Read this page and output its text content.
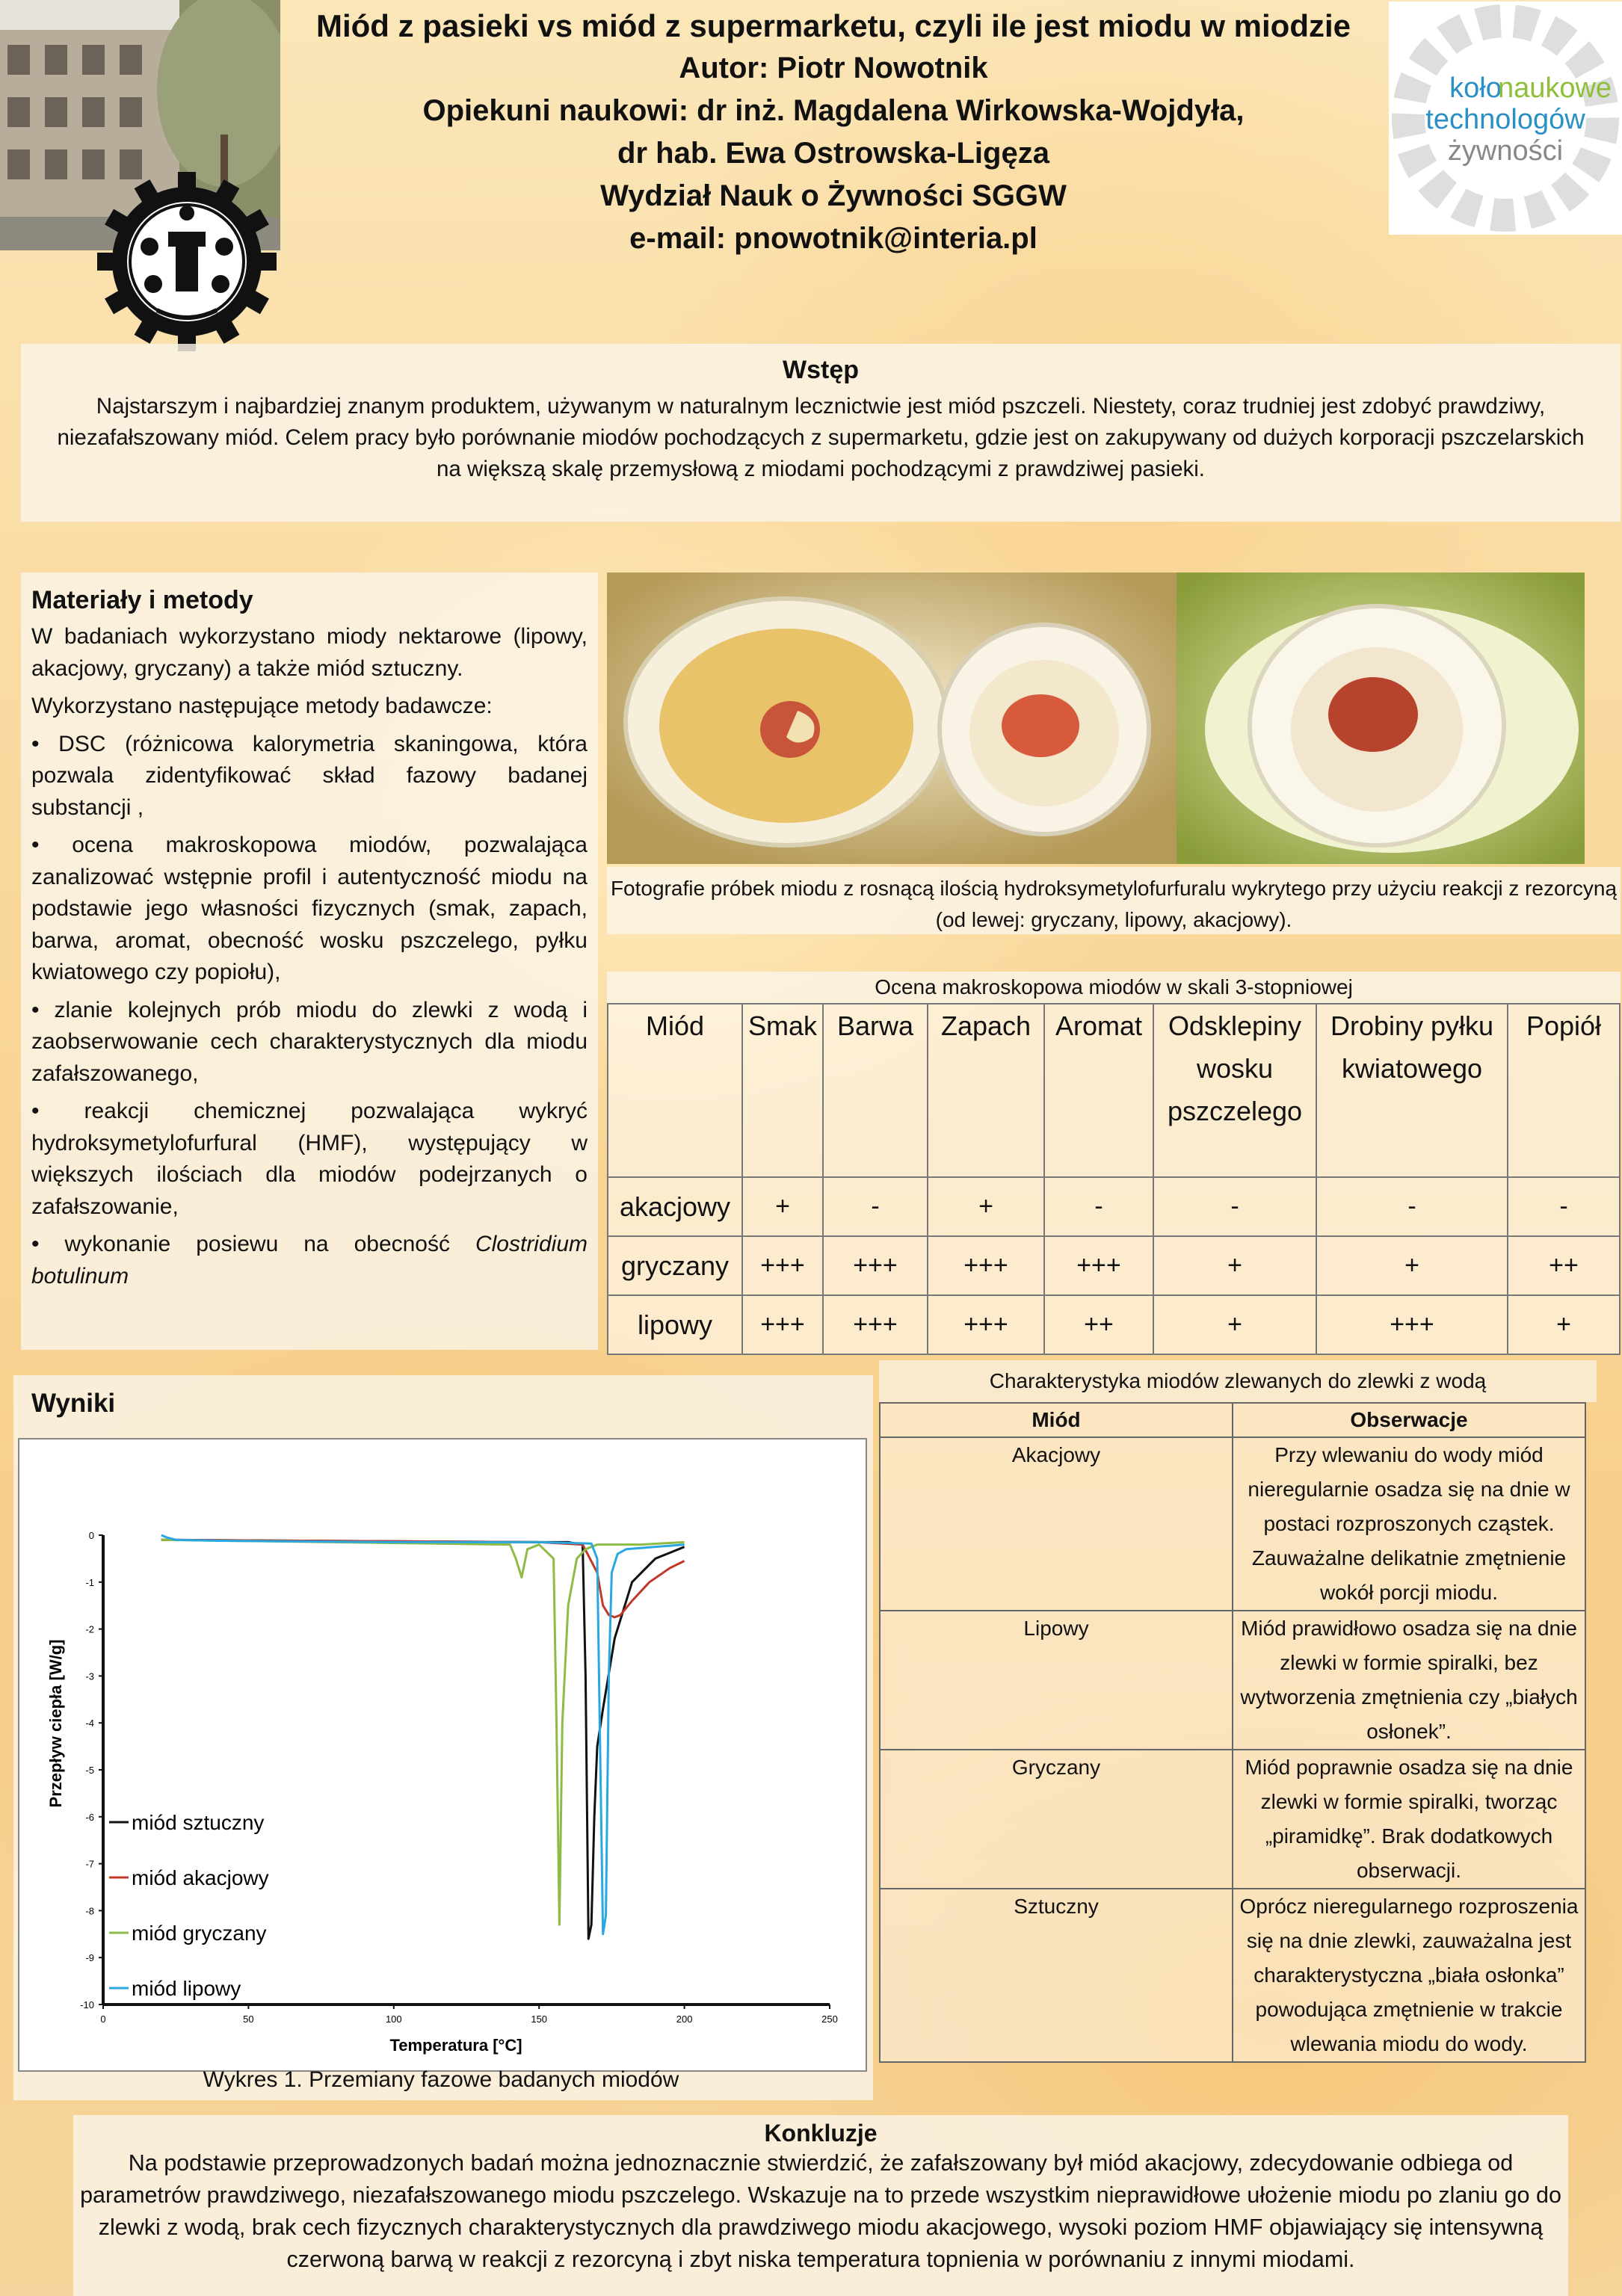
Miód z pasieki vs miód z supermarketu, czyli ile jest miodu w miodzie
Autor: Piotr Nowotnik
Opiekuni naukowi: dr inż. Magdalena Wirkowska-Wojdyła,
dr hab. Ewa Ostrowska-Ligęza
Wydział Nauk o Żywności SGGW
e-mail: pnowotnik@interia.pl
koło
naukowe
technologów
żywności
Wstęp

Najstarszym i najbardziej znanym produktem, używanym w naturalnym lecznictwie jest miód pszczeli. Niestety, coraz trudniej jest zdobyć prawdziwy, niezafałszowany miód. Celem pracy było porównanie miodów pochodzących z supermarketu, gdzie jest on zakupywany od dużych korporacji pszczelarskich na większą skalę przemysłową z miodami pochodzącymi z prawdziwej pasieki.

Materiały i metody

W badaniach wykorzystano miody nektarowe (lipowy, akacjowy, gryczany) a także miód sztuczny.

Wykorzystano następujące metody badawcze:

• DSC (różnicowa kalorymetria skaningowa, która pozwala zidentyfikować skład fazowy badanej substancji ,

• ocena makroskopowa miodów, pozwalająca zanalizować wstępnie profil i autentyczność miodu na podstawie jego własności fizycznych (smak, zapach, barwa, aromat, obecność wosku pszczelego, pyłku kwiatowego czy popiołu),

• zlanie kolejnych prób miodu do zlewki z wodą i zaobserwowanie cech charakterystycznych dla miodu zafałszowanego,

• reakcji chemicznej pozwalająca wykryć hydroksymetylofurfural (HMF), występujący w większych ilościach dla miodów podejrzanych o zafałszowanie,

• wykonanie posiewu na obecność Clostridium botulinum

Fotografie próbek miodu z rosnącą ilością hydroksymetylofurfuralu wykrytego przy użyciu reakcji z rezorcyną (od lewej: gryczany, lipowy, akacjowy).

Ocena makroskopowa miodów w skali 3-stopniowej
Miód	Smak	Barwa	Zapach	Aromat	Odsklepiny wosku pszczelego	Drobiny pyłku kwiatowego	Popiół
akacjowy	+	-	+	-	-	-	-
gryczany	+++	+++	+++	+++	+	+	++
lipowy	+++	+++	+++	++	+	+++	+
Wyniki
0
-1
-2
-3
-4
-5
-6
-7
-8
-9
-10
0	50	100	150	200	250
miód sztuczny
miód akacjowy
miód gryczany
miód lipowy
Przepływ ciepła [W/g]
Temperatura [°C]
Wykres 1. Przemiany fazowe badanych miodów
Charakterystyka miodów zlewanych do zlewki z wodą
Miód	Obserwacje
Akacjowy	Przy wlewaniu do wody miód nieregularnie osadza się na dnie w postaci rozproszonych cząstek. Zauważalne delikatnie zmętnienie wokół porcji miodu.
Lipowy	Miód prawidłowo osadza się na dnie zlewki w formie spiralki, bez wytworzenia zmętnienia czy „białych osłonek”.
Gryczany	Miód poprawnie osadza się na dnie zlewki w formie spiralki, tworząc „piramidkę”. Brak dodatkowych obserwacji.
Sztuczny	Oprócz nieregularnego rozproszenia się na dnie zlewki, zauważalna jest charakterystyczna „biała osłonka” powodująca zmętnienie w trakcie wlewania miodu do wody.
Konkluzje

Na podstawie przeprowadzonych badań można jednoznacznie stwierdzić, że zafałszowany był miód akacjowy, zdecydowanie odbiega od parametrów prawdziwego, niezafałszowanego miodu pszczelego. Wskazuje na to przede wszystkim nieprawidłowe ułożenie miodu po zlaniu go do zlewki z wodą, brak cech fizycznych charakterystycznych dla prawdziwego miodu akacjowego, wysoki poziom HMF objawiający się intensywną czerwoną barwą w reakcji z rezorcyną i zbyt niska temperatura topnienia w porównaniu z innymi miodami.
